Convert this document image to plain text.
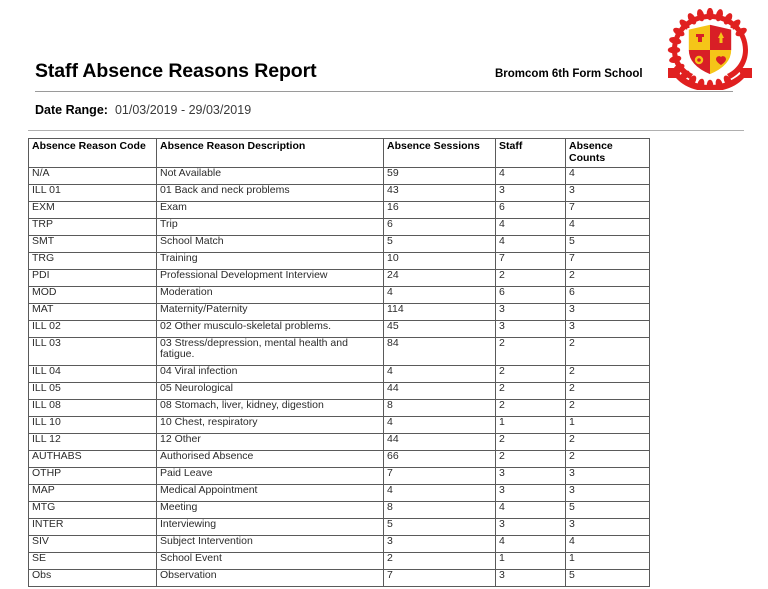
Staff Absence Reasons Report	Bromcom 6th Form School
Date Range: 01/03/2019 - 29/03/2019
Absence Reason Code	Absence Reason Description	Absence Sessions	Staff	Absence Counts
N/A	Not Available	59	4	4
ILL 01	01 Back and neck problems	43	3	3
EXM	Exam	16	6	7
TRP	Trip	6	4	4
SMT	School Match	5	4	5
TRG	Training	10	7	7
PDI	Professional Development Interview	24	2	2
MOD	Moderation	4	6	6
MAT	Maternity/Paternity	114	3	3
ILL 02	02 Other musculo-skeletal problems.	45	3	3
ILL 03	03 Stress/depression, mental health and fatigue.	84	2	2
ILL 04	04 Viral infection	4	2	2
ILL 05	05 Neurological	44	2	2
ILL 08	08 Stomach, liver, kidney, digestion	8	2	2
ILL 10	10 Chest, respiratory	4	1	1
ILL 12	12 Other	44	2	2
AUTHABS	Authorised Absence	66	2	2
OTHP	Paid Leave	7	3	3
MAP	Medical Appointment	4	3	3
MTG	Meeting	8	4	5
INTER	Interviewing	5	3	3
SIV	Subject Intervention	3	4	4
SE	School Event	2	1	1
Obs	Observation	7	3	5
